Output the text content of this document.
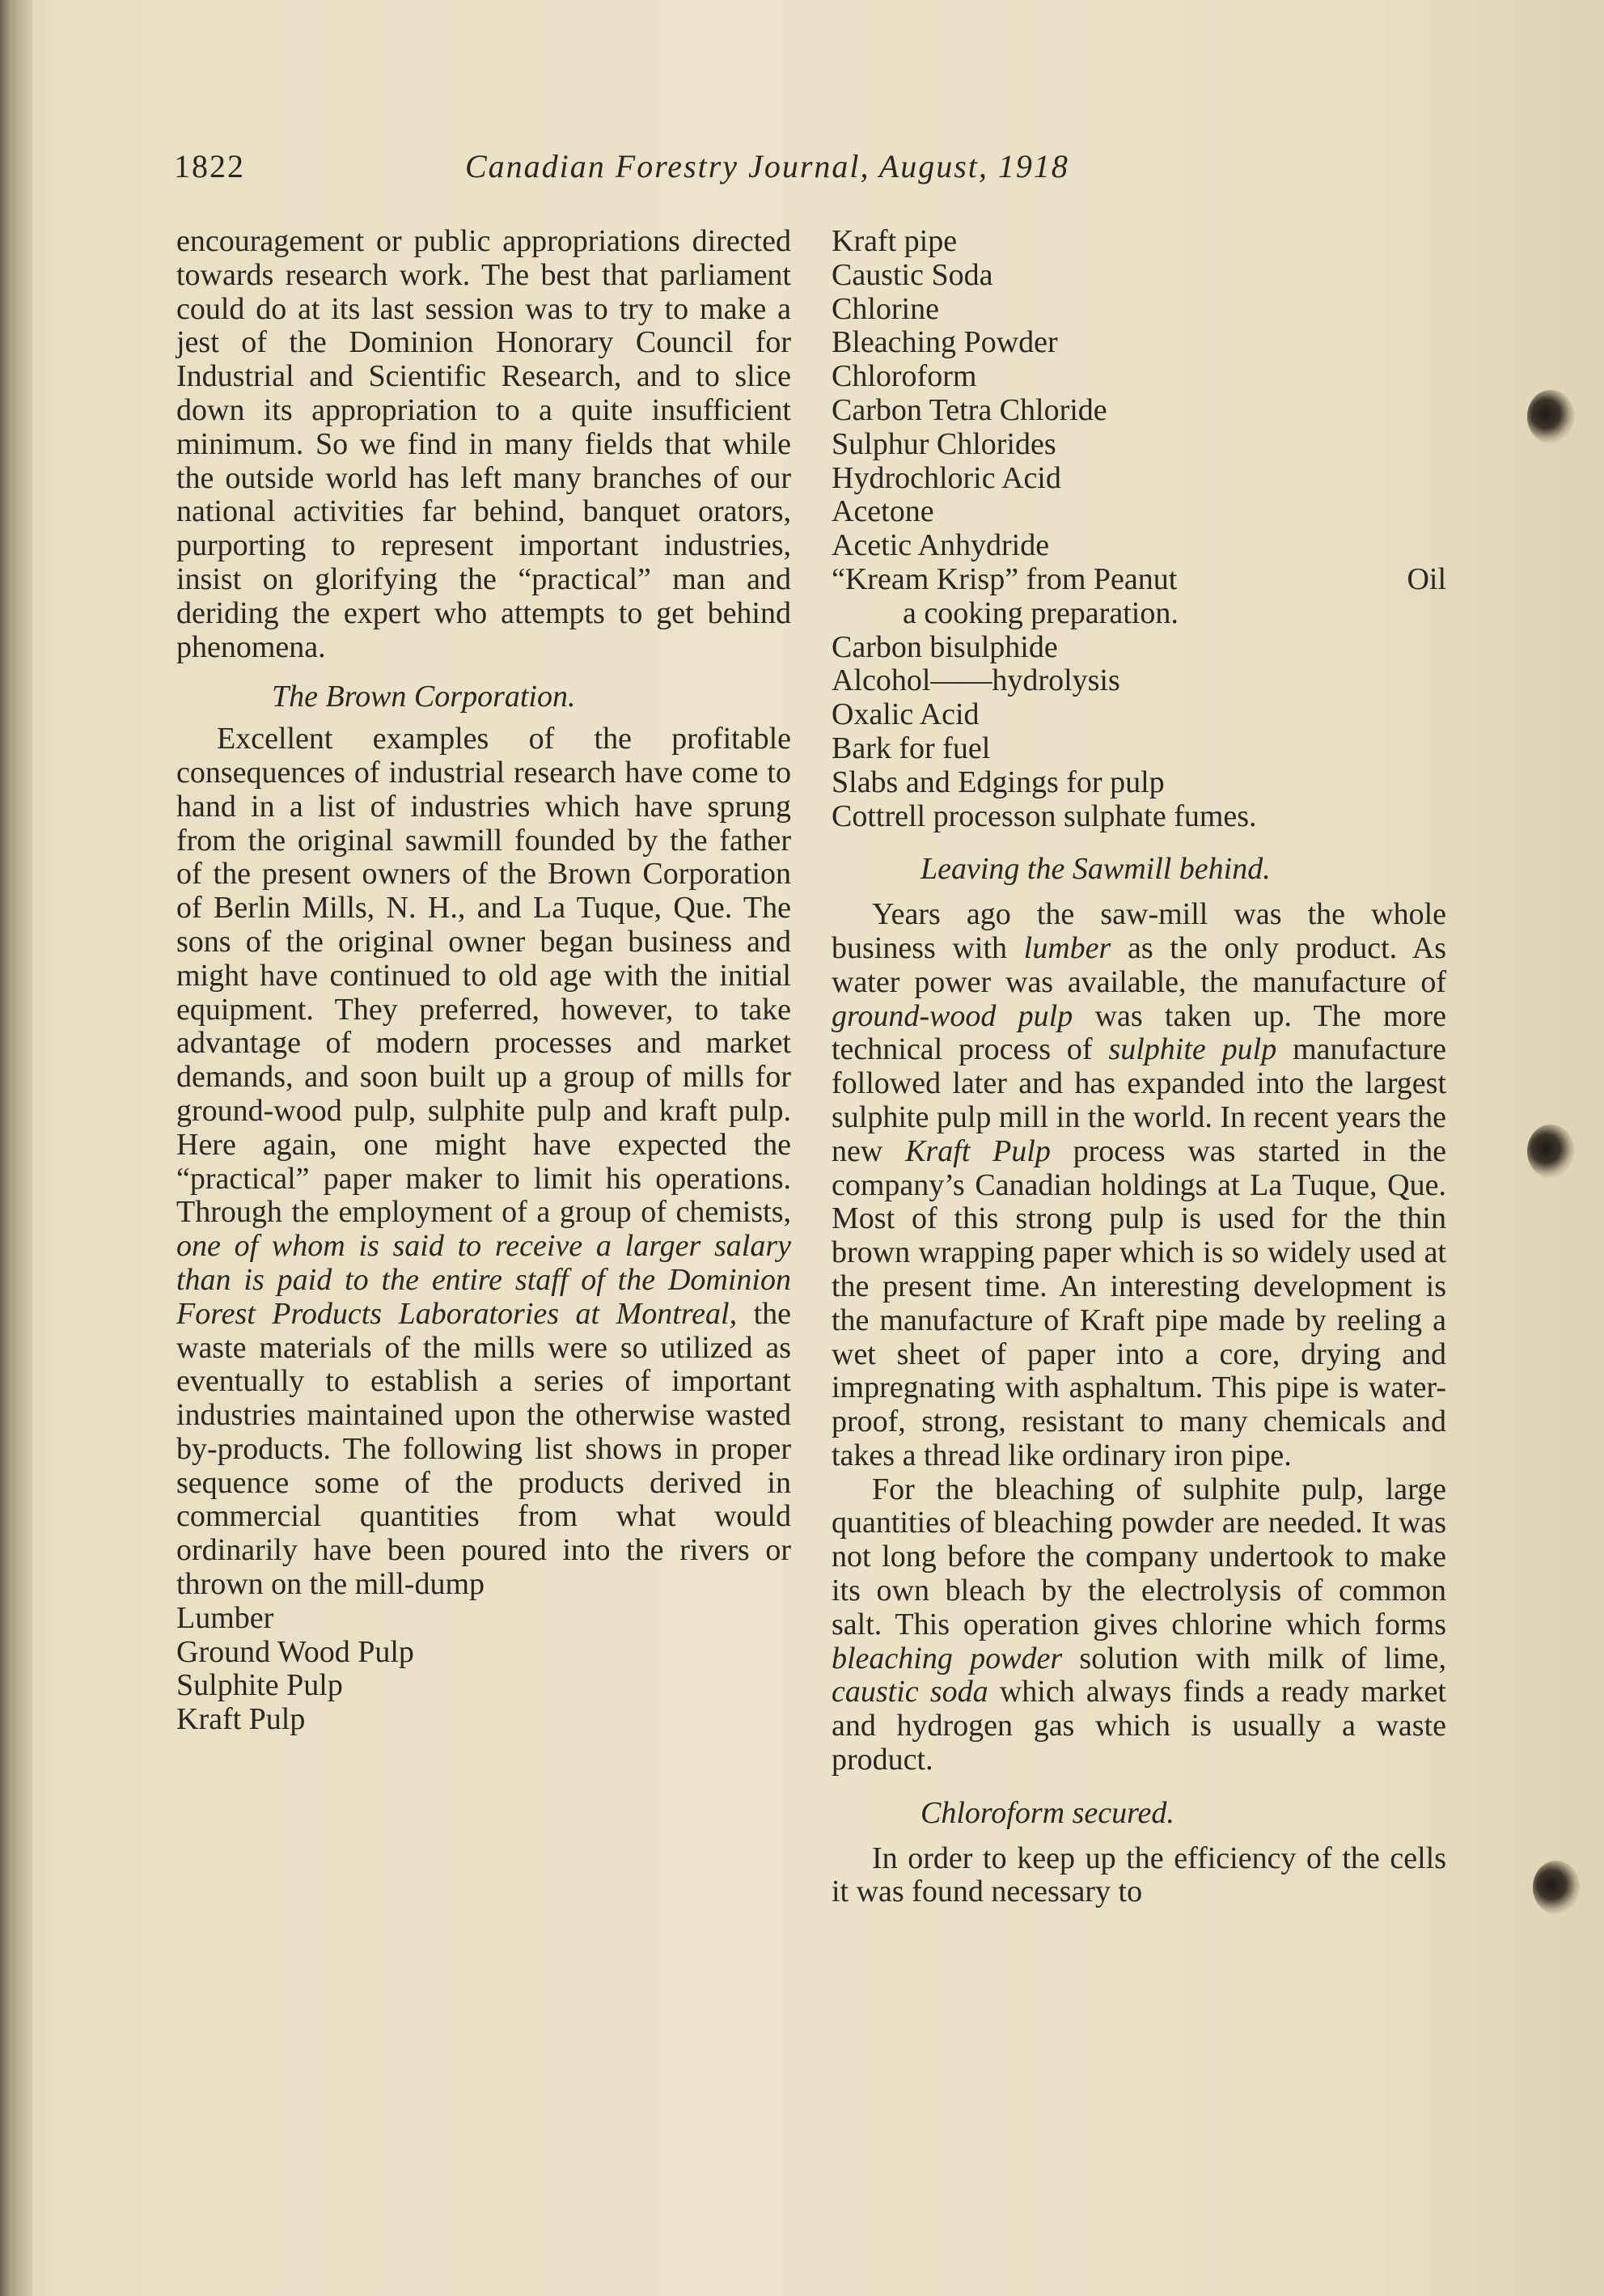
1822	Canadian Forestry Journal, August, 1918

encouragement or public appropriations directed towards research work. The best that parliament could do at its last session was to try to make a jest of the Dominion Honorary Council for Industrial and Scientific Research, and to slice down its appropriation to a quite insufficient minimum. So we find in many fields that while the outside world has left many branches of our national activities far behind, banquet orators, purporting to represent important industries, insist on glorifying the “practical” man and deriding the expert who attempts to get behind phenomena.

The Brown Corporation.

Excellent examples of the profitable consequences of industrial research have come to hand in a list of industries which have sprung from the original sawmill founded by the father of the present owners of the Brown Corporation of Berlin Mills, N. H., and La Tuque, Que. The sons of the original owner began business and might have continued to old age with the initial equipment. They preferred, however, to take advantage of modern processes and market demands, and soon built up a group of mills for ground-wood pulp, sulphite pulp and kraft pulp. Here again, one might have expected the “practical” paper maker to limit his operations. Through the employment of a group of chemists, one of whom is said to receive a larger salary than is paid to the entire staff of the Dominion Forest Products Laboratories at Montreal, the waste materials of the mills were so utilized as eventually to establish a series of important industries maintained upon the otherwise wasted by-products. The following list shows in proper sequence some of the products derived in commercial quantities from what would ordinarily have been poured into the rivers or thrown on the mill-dump

Lumber
Ground Wood Pulp
Sulphite Pulp
Kraft Pulp
Kraft pipe
Caustic Soda
Chlorine
Bleaching Powder
Chloroform
Carbon Tetra Chloride
Sulphur Chlorides
Hydrochloric Acid
Acetone
Acetic Anhydride
“Kream Krisp” from Peanut	Oil
a cooking preparation.
Carbon bisulphide
Alcohol——hydrolysis
Oxalic Acid
Bark for fuel
Slabs and Edgings for pulp
Cottrell processon sulphate fumes.
Leaving the Sawmill behind.

Years ago the saw-mill was the whole business with lumber as the only product. As water power was available, the manufacture of ground-wood pulp was taken up. The more technical process of sulphite pulp manufacture followed later and has expanded into the largest sulphite pulp mill in the world. In recent years the new Kraft Pulp process was started in the company’s Canadian holdings at La Tuque, Que. Most of this strong pulp is used for the thin brown wrapping paper which is so widely used at the present time. An interesting development is the manufacture of Kraft pipe made by reeling a wet sheet of paper into a core, drying and impregnating with asphaltum. This pipe is water-proof, strong, resistant to many chemicals and takes a thread like ordinary iron pipe.

For the bleaching of sulphite pulp, large quantities of bleaching powder are needed. It was not long before the company undertook to make its own bleach by the electrolysis of common salt. This operation gives chlorine which forms bleaching powder solution with milk of lime, caustic soda which always finds a ready market and hydrogen gas which is usually a waste product.

Chloroform secured.

In order to keep up the efficiency of the cells it was found necessary to
